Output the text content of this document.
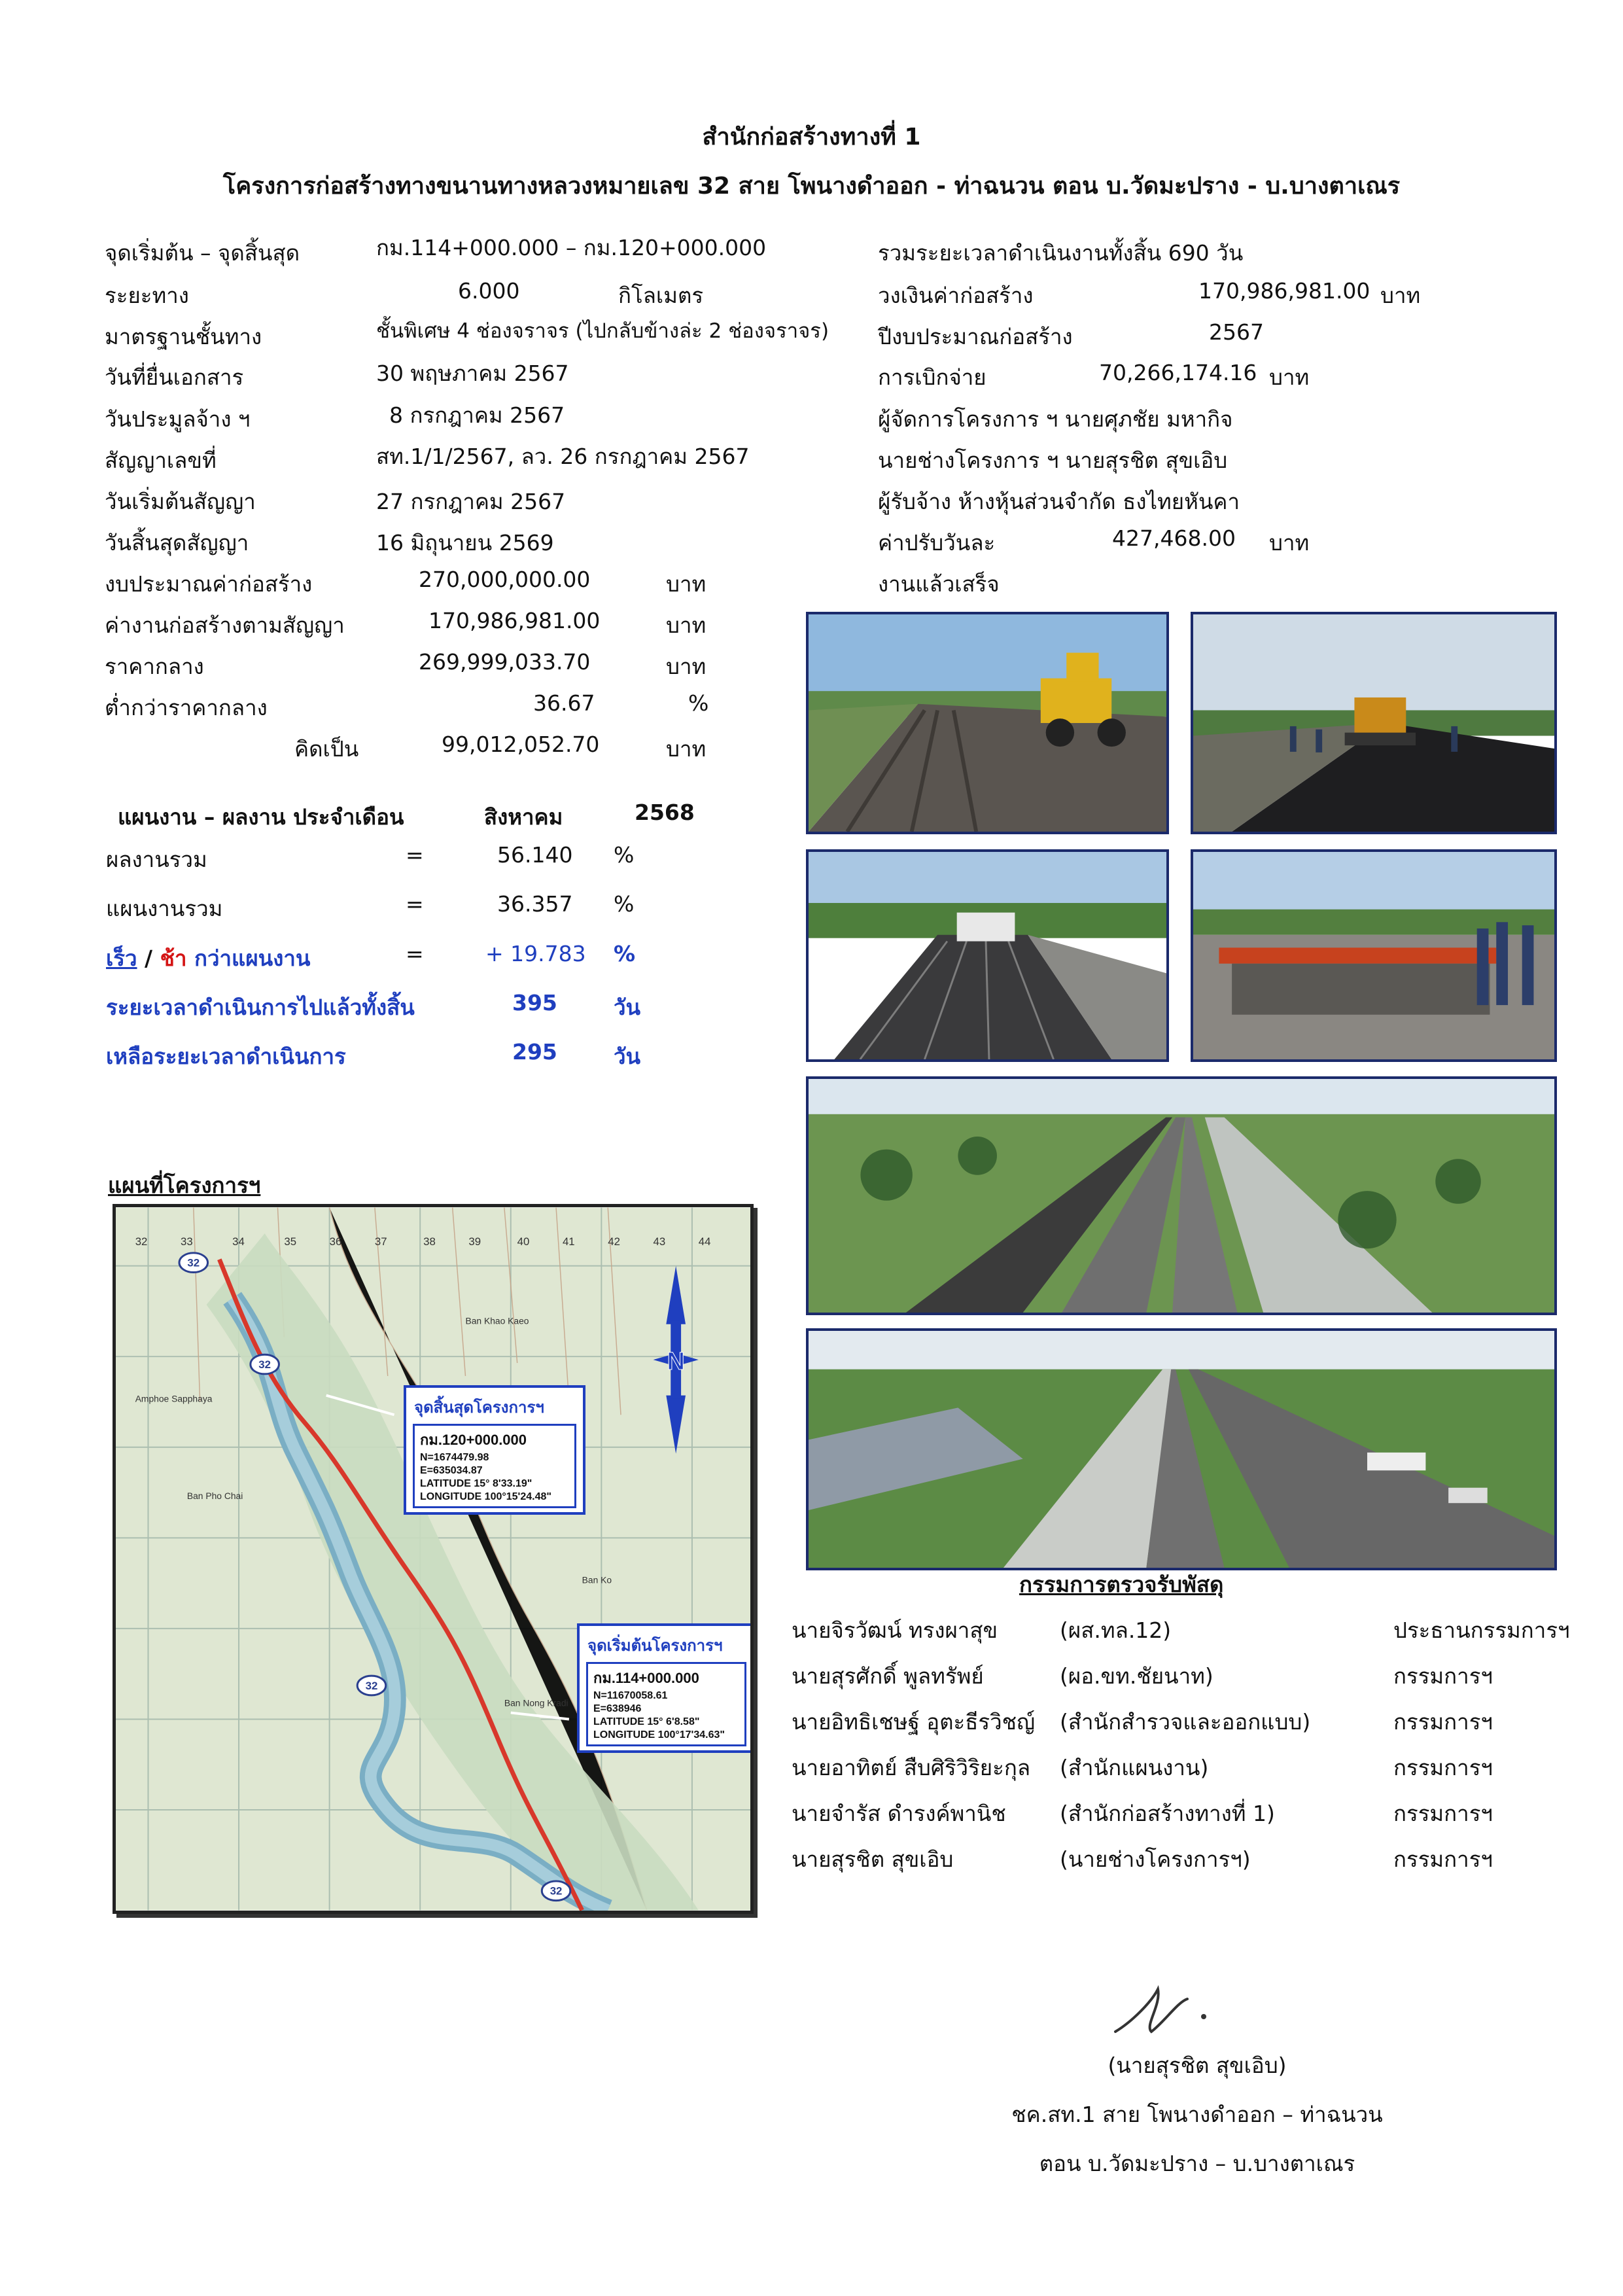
สำนักก่อสร้างทางที่ 1
โครงการก่อสร้างทางขนานทางหลวงหมายเลข 32 สาย โพนางดำออก - ท่าฉนวน ตอน บ.วัดมะปราง - บ.บางตาเณร
จุดเริ่มต้น – จุดสิ้นสุด	กม.114+000.000 – กม.120+000.000
ระยะทาง	6.000	กิโลเมตร
มาตรฐานชั้นทาง	ชั้นพิเศษ 4 ช่องจราจร (ไปกลับข้างล่ะ 2 ช่องจราจร)
วันที่ยื่นเอกสาร	30 พฤษภาคม 2567
วันประมูลจ้าง ฯ	8 กรกฎาคม 2567
สัญญาเลขที่	สท.1/1/2567, ลว. 26 กรกฎาคม 2567
วันเริ่มต้นสัญญา	27 กรกฎาคม 2567
วันสิ้นสุดสัญญา	16 มิถุนายน 2569
งบประมาณค่าก่อสร้าง	270,000,000.00	บาท
ค่างานก่อสร้างตามสัญญา	170,986,981.00	บาท
ราคากลาง	269,999,033.70	บาท
ต่ำกว่าราคากลาง	36.67	%
คิดเป็น	99,012,052.70	บาท
รวมระยะเวลาดำเนินงานทั้งสิ้น 690 วัน
วงเงินค่าก่อสร้าง	170,986,981.00 บาท
ปีงบประมาณก่อสร้าง	2567
การเบิกจ่าย	70,266,174.16 บาท
ผู้จัดการโครงการ ฯ นายศุภชัย มหากิจ
นายช่างโครงการ ฯ นายสุรชิต สุขเอิบ
ผู้รับจ้าง ห้างหุ้นส่วนจำกัด ธงไทยหันคา
ค่าปรับวันละ	427,468.00 บาท
งานแล้วเสร็จ
แผนงาน – ผลงาน ประจำเดือน	สิงหาคม	2568
ผลงานรวม	=	56.140 %
แผนงานรวม	=	36.357 %
เร็ว / ช้า กว่าแผนงาน	=	+ 19.783 %
ระยะเวลาดำเนินการไปแล้วทั้งสิ้น	395	วัน
เหลือระยะเวลาดำเนินการ	295	วัน
แผนที่โครงการฯ
32
32
32
32
32	33	34	35	36	37	38	39	40	41	42	43	44
Amphoe Sapphaya
Ban Khao Kaeo
Ban Ko
Ban Pho Chai
Ban Nong Kradi
N
จุดสิ้นสุดโครงการฯ
กม.120+000.000
N=1674479.98
E=635034.87
LATITUDE 15° 8'33.19"
LONGITUDE 100°15'24.48"
จุดเริ่มต้นโครงการฯ
กม.114+000.000
N=11670058.61
E=638946
LATITUDE 15° 6'8.58"
LONGITUDE 100°17'34.63"
กรรมการตรวจรับพัสดุ
นายจิรวัฒน์ ทรงผาสุข	(ผส.ทล.12)	ประธานกรรมการฯ
นายสุรศักดิ์ พูลทรัพย์	(ผอ.ขท.ชัยนาท)	กรรมการฯ
นายอิทธิเชษฐ์ อุตะธีรวิชญ์ (สำนักสำรวจและออกแบบ)	กรรมการฯ
นายอาทิตย์ สืบศิริวิริยะกุล (สำนักแผนงาน)	กรรมการฯ
นายจำรัส ดำรงค์พานิช (สำนักก่อสร้างทางที่ 1)	กรรมการฯ
นายสุรชิต สุขเอิบ	(นายช่างโครงการฯ)	กรรมการฯ
(นายสุรชิต สุขเอิบ)
ชค.สท.1 สาย โพนางดำออก – ท่าฉนวน
ตอน บ.วัดมะปราง – บ.บางตาเณร
